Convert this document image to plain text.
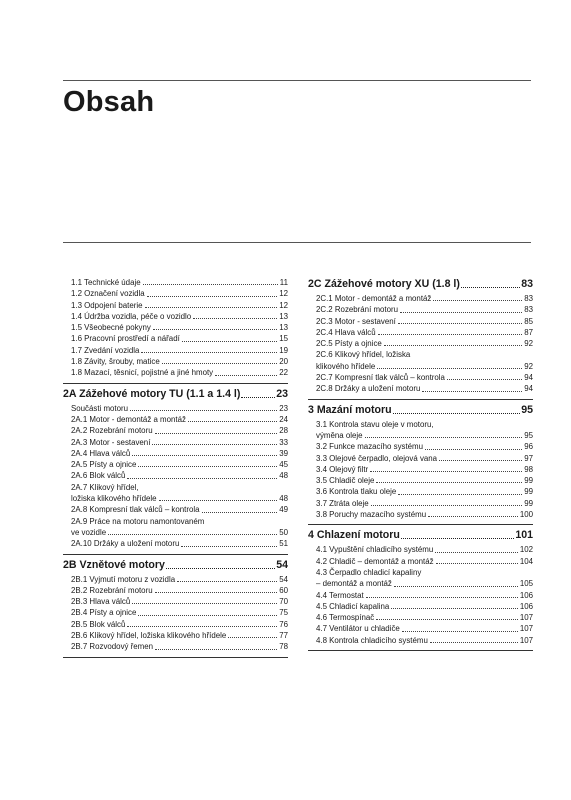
Obsah
1.1 Technické údaje	11
1.2 Označení vozidla	12
1.3 Odpojení baterie	12
1.4 Údržba vozidla, péče o vozidlo	13
1.5 Všeobecné pokyny	13
1.6 Pracovní prostředí a nářadí	15
1.7 Zvedání vozidla	19
1.8 Závity, šrouby, matice	20
1.8 Mazací, těsnicí, pojistné a jiné hmoty	22
2A Zážehové motory TU (1.1 a 1.4 l)	23
Součásti motoru	23
2A.1 Motor - demontáž a montáž	24
2A.2 Rozebrání motoru	28
2A.3 Motor - sestavení	33
2A.4 Hlava válců	39
2A.5 Písty a ojnice	45
2A.6 Blok válců	48
2A.7 Klikový hřídel,
ložiska klikového hřídele	48
2A.8 Kompresní tlak válců – kontrola	49
2A.9 Práce na motoru namontovaném
ve vozidle	50
2A.10 Držáky a uložení motoru	51
2B Vznětové motory	54
2B.1 Vyjmutí motoru z vozidla	54
2B.2 Rozebrání motoru	60
2B.3 Hlava válců	70
2B.4 Písty a ojnice	75
2B.5 Blok válců	76
2B.6 Klikový hřídel, ložiska klikového hřídele	77
2B.7 Rozvodový řemen	78
2C Zážehové motory XU (1.8 l)	83
2C.1 Motor - demontáž a montáž	83
2C.2 Rozebrání motoru	83
2C.3 Motor - sestavení	85
2C.4 Hlava válců	87
2C.5 Písty a ojnice	92
2C.6 Klikový hřídel, ložiska
klikového hřídele	92
2C.7 Kompresní tlak válců – kontrola	94
2C.8 Držáky a uložení motoru	94
3 Mazání motoru	95
3.1 Kontrola stavu oleje v motoru,
výměna oleje	95
3.2 Funkce mazacího systému	96
3.3 Olejové čerpadlo, olejová vana	97
3.4 Olejový filtr	98
3.5 Chladič oleje	99
3.6 Kontrola tlaku oleje	99
3.7 Ztráta oleje	99
3.8 Poruchy mazacího systému	100
4 Chlazení motoru	101
4.1 Vypuštění chladicího systému	102
4.2 Chladič – demontáž a montáž	104
4.3 Čerpadlo chladicí kapaliny
– demontáž a montáž	105
4.4 Termostat	106
4.5 Chladicí kapalina	106
4.6 Termospínač	107
4.7 Ventilátor u chladiče	107
4.8 Kontrola chladicího systému	107
